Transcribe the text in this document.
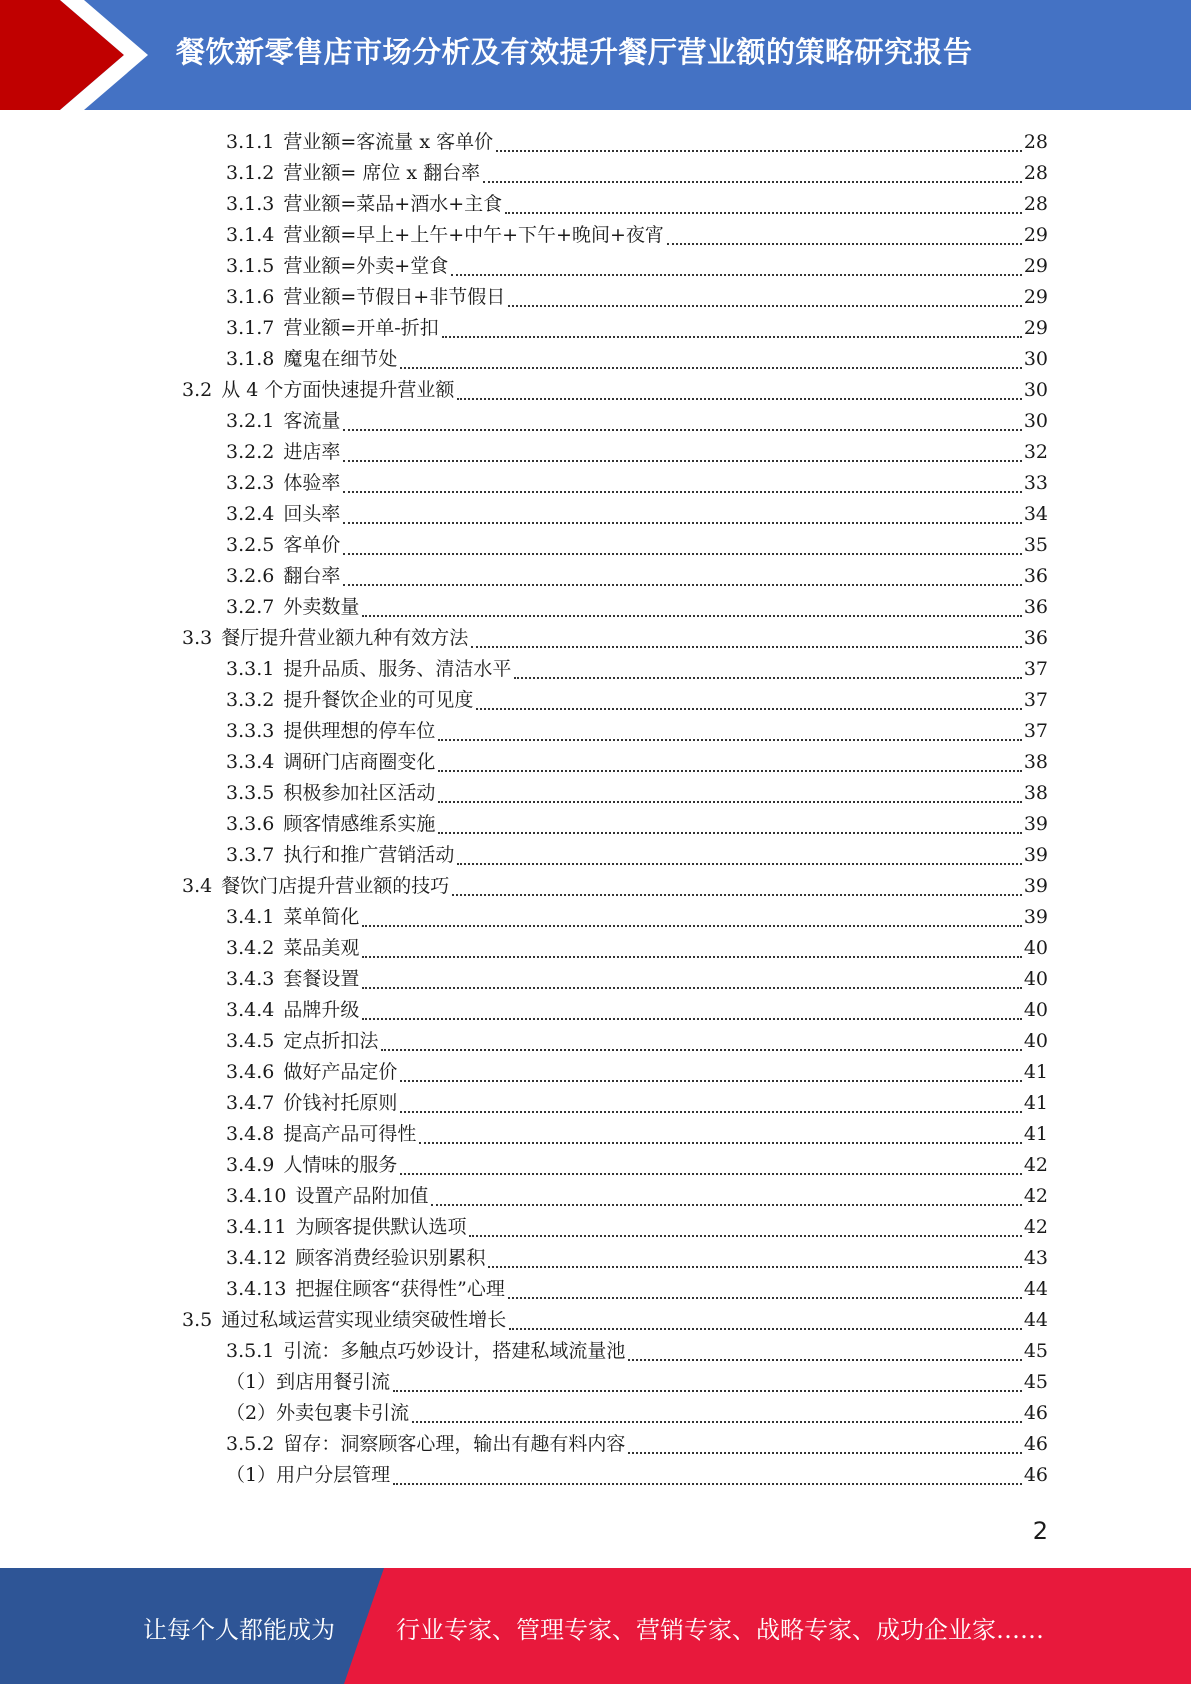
餐饮新零售店市场分析及有效提升餐厅营业额的策略研究报告
3.1.1 营业额=客流量 x 客单价	28
3.1.2 营业额= 席位 x 翻台率	28
3.1.3 营业额=菜品+酒水+主食	28
3.1.4 营业额=早上+上午+中午+下午+晚间+夜宵	29
3.1.5 营业额=外卖+堂食	29
3.1.6 营业额=节假日+非节假日	29
3.1.7 营业额=开单-折扣	29
3.1.8 魔鬼在细节处	30
3.2 从 4 个方面快速提升营业额	30
3.2.1 客流量	30
3.2.2 进店率	32
3.2.3 体验率	33
3.2.4 回头率	34
3.2.5 客单价	35
3.2.6 翻台率	36
3.2.7 外卖数量	36
3.3 餐厅提升营业额九种有效方法	36
3.3.1 提升品质、服务、清洁水平	37
3.3.2 提升餐饮企业的可见度	37
3.3.3 提供理想的停车位	37
3.3.4 调研门店商圈变化	38
3.3.5 积极参加社区活动	38
3.3.6 顾客情感维系实施	39
3.3.7 执行和推广营销活动	39
3.4 餐饮门店提升营业额的技巧	39
3.4.1 菜单简化	39
3.4.2 菜品美观	40
3.4.3 套餐设置	40
3.4.4 品牌升级	40
3.4.5 定点折扣法	40
3.4.6 做好产品定价	41
3.4.7 价钱衬托原则	41
3.4.8 提高产品可得性	41
3.4.9 人情味的服务	42
3.4.10 设置产品附加值	42
3.4.11 为顾客提供默认选项	42
3.4.12 顾客消费经验识别累积	43
3.4.13 把握住顾客“获得性”心理	44
3.5 通过私域运营实现业绩突破性增长	44
3.5.1 引流：多触点巧妙设计，搭建私域流量池	45
（1）到店用餐引流	45
（2）外卖包裹卡引流	46
3.5.2 留存：洞察顾客心理，输出有趣有料内容	46
（1）用户分层管理	46
2
让每个人都能成为	行业专家、管理专家、营销专家、战略专家、成功企业家……
